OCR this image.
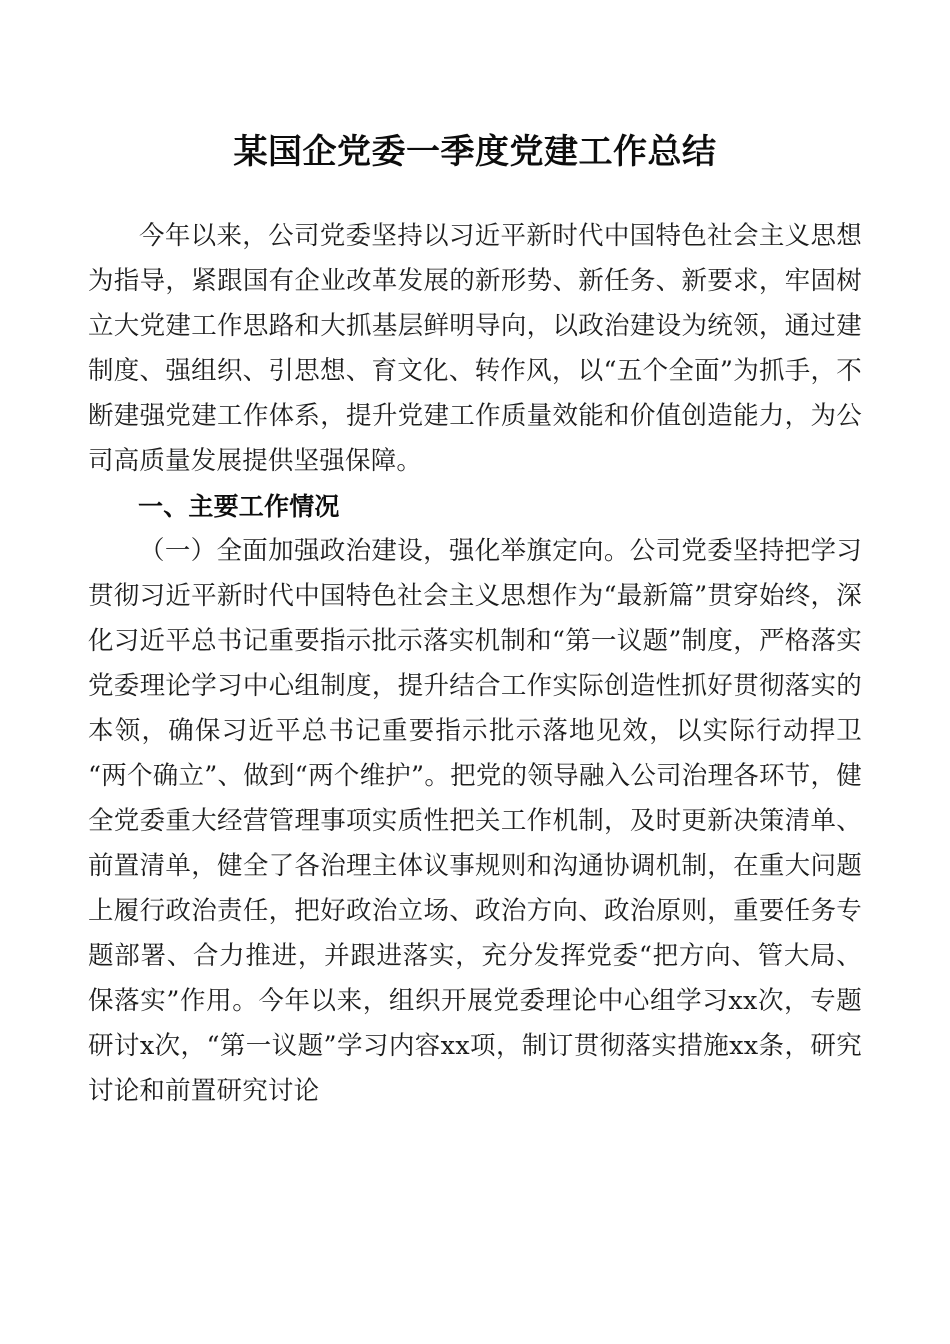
某国企党委一季度党建工作总结

今年以来，公司党委坚持以习近平新时代中国特色社会主义思想为指导，紧跟国有企业改革发展的新形势、新任务、新要求，牢固树立大党建工作思路和大抓基层鲜明导向，以政治建设为统领，通过建制度、强组织、引思想、育文化、转作风，以“五个全面”为抓手，不断建强党建工作体系，提升党建工作质量效能和价值创造能力，为公司高质量发展提供坚强保障。

一、主要工作情况

（一）全面加强政治建设，强化举旗定向。公司党委坚持把学习贯彻习近平新时代中国特色社会主义思想作为“最新篇”贯穿始终，深化习近平总书记重要指示批示落实机制和“第一议题”制度，严格落实党委理论学习中心组制度，提升结合工作实际创造性抓好贯彻落实的本领，确保习近平总书记重要指示批示落地见效，以实际行动捍卫“两个确立”、做到“两个维护”。把党的领导融入公司治理各环节，健全党委重大经营管理事项实质性把关工作机制，及时更新决策清单、前置清单，健全了各治理主体议事规则和沟通协调机制，在重大问题上履行政治责任，把好政治立场、政治方向、政治原则，重要任务专题部署、合力推进，并跟进落实，充分发挥党委“把方向、管大局、保落实”作用。今年以来，组织开展党委理论中心组学习xx次，专题研讨x次，“第一议题”学习内容xx项，制订贯彻落实措施xx条，研究讨论和前置研究讨论
